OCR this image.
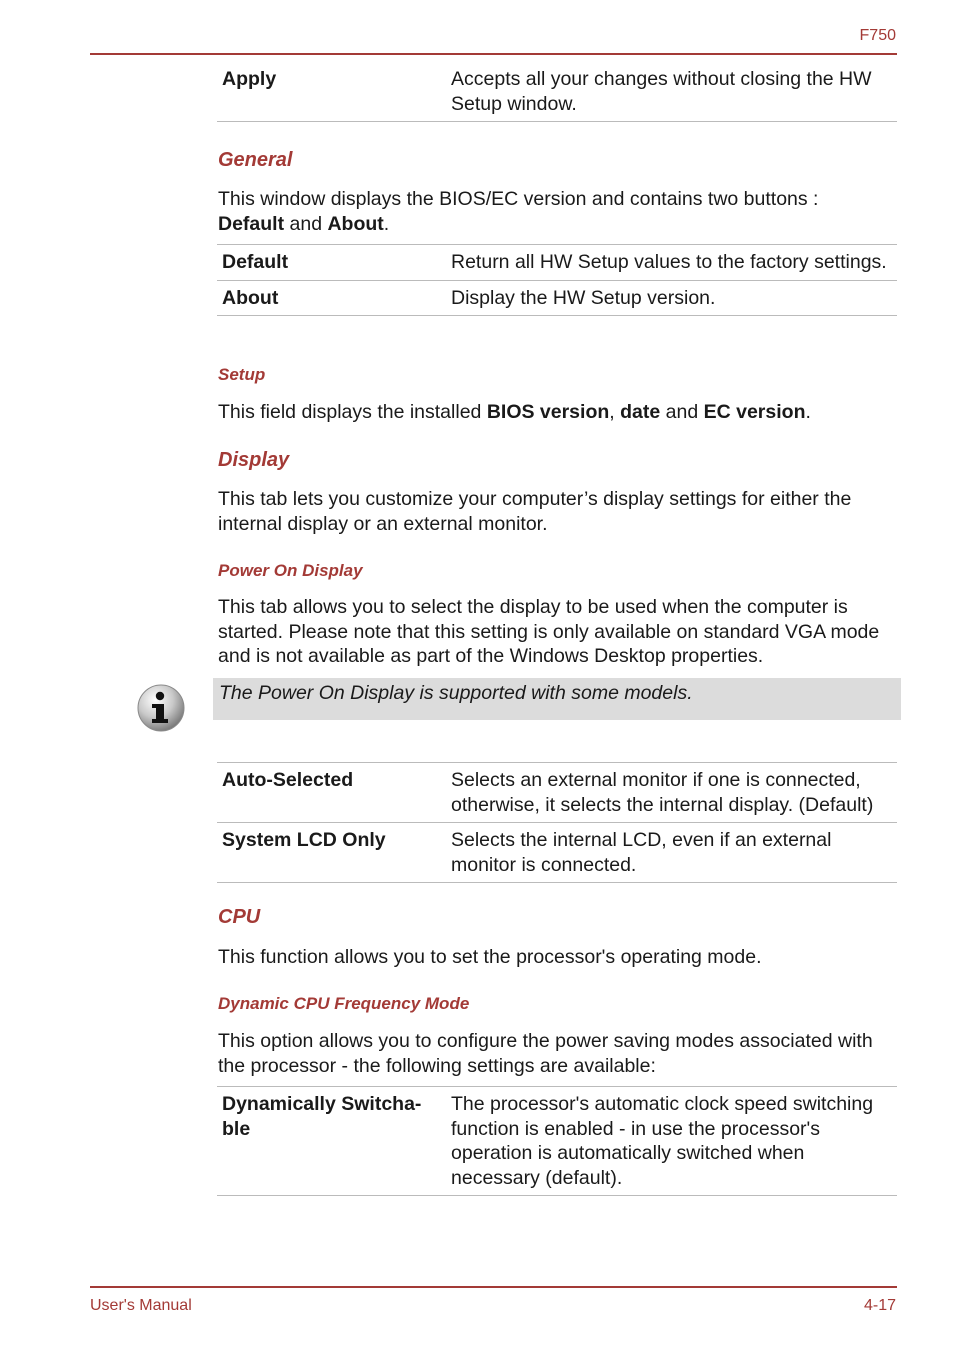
F750
Apply	Accepts all your changes without closing the HW Setup window.
General
This window displays the BIOS/EC version and contains two buttons :
Default and About.
Default	Return all HW Setup values to the factory settings.
About	Display the HW Setup version.
Setup
This field displays the installed BIOS version, date and EC version.
Display
This tab lets you customize your computer’s display settings for either the internal display or an external monitor.
Power On Display
This tab allows you to select the display to be used when the computer is started. Please note that this setting is only available on standard VGA mode and is not available as part of the Windows Desktop properties.
The Power On Display is supported with some models.
Auto-Selected	Selects an external monitor if one is connected, otherwise, it selects the internal display. (Default)
System LCD Only	Selects the internal LCD, even if an external monitor is connected.
CPU
This function allows you to set the processor's operating mode.
Dynamic CPU Frequency Mode
This option allows you to configure the power saving modes associated with the processor - the following settings are available:
Dynamically Switcha- ble	The processor's automatic clock speed switching function is enabled - in use the processor's operation is automatically switched when necessary (default).
User's Manual	4-17
